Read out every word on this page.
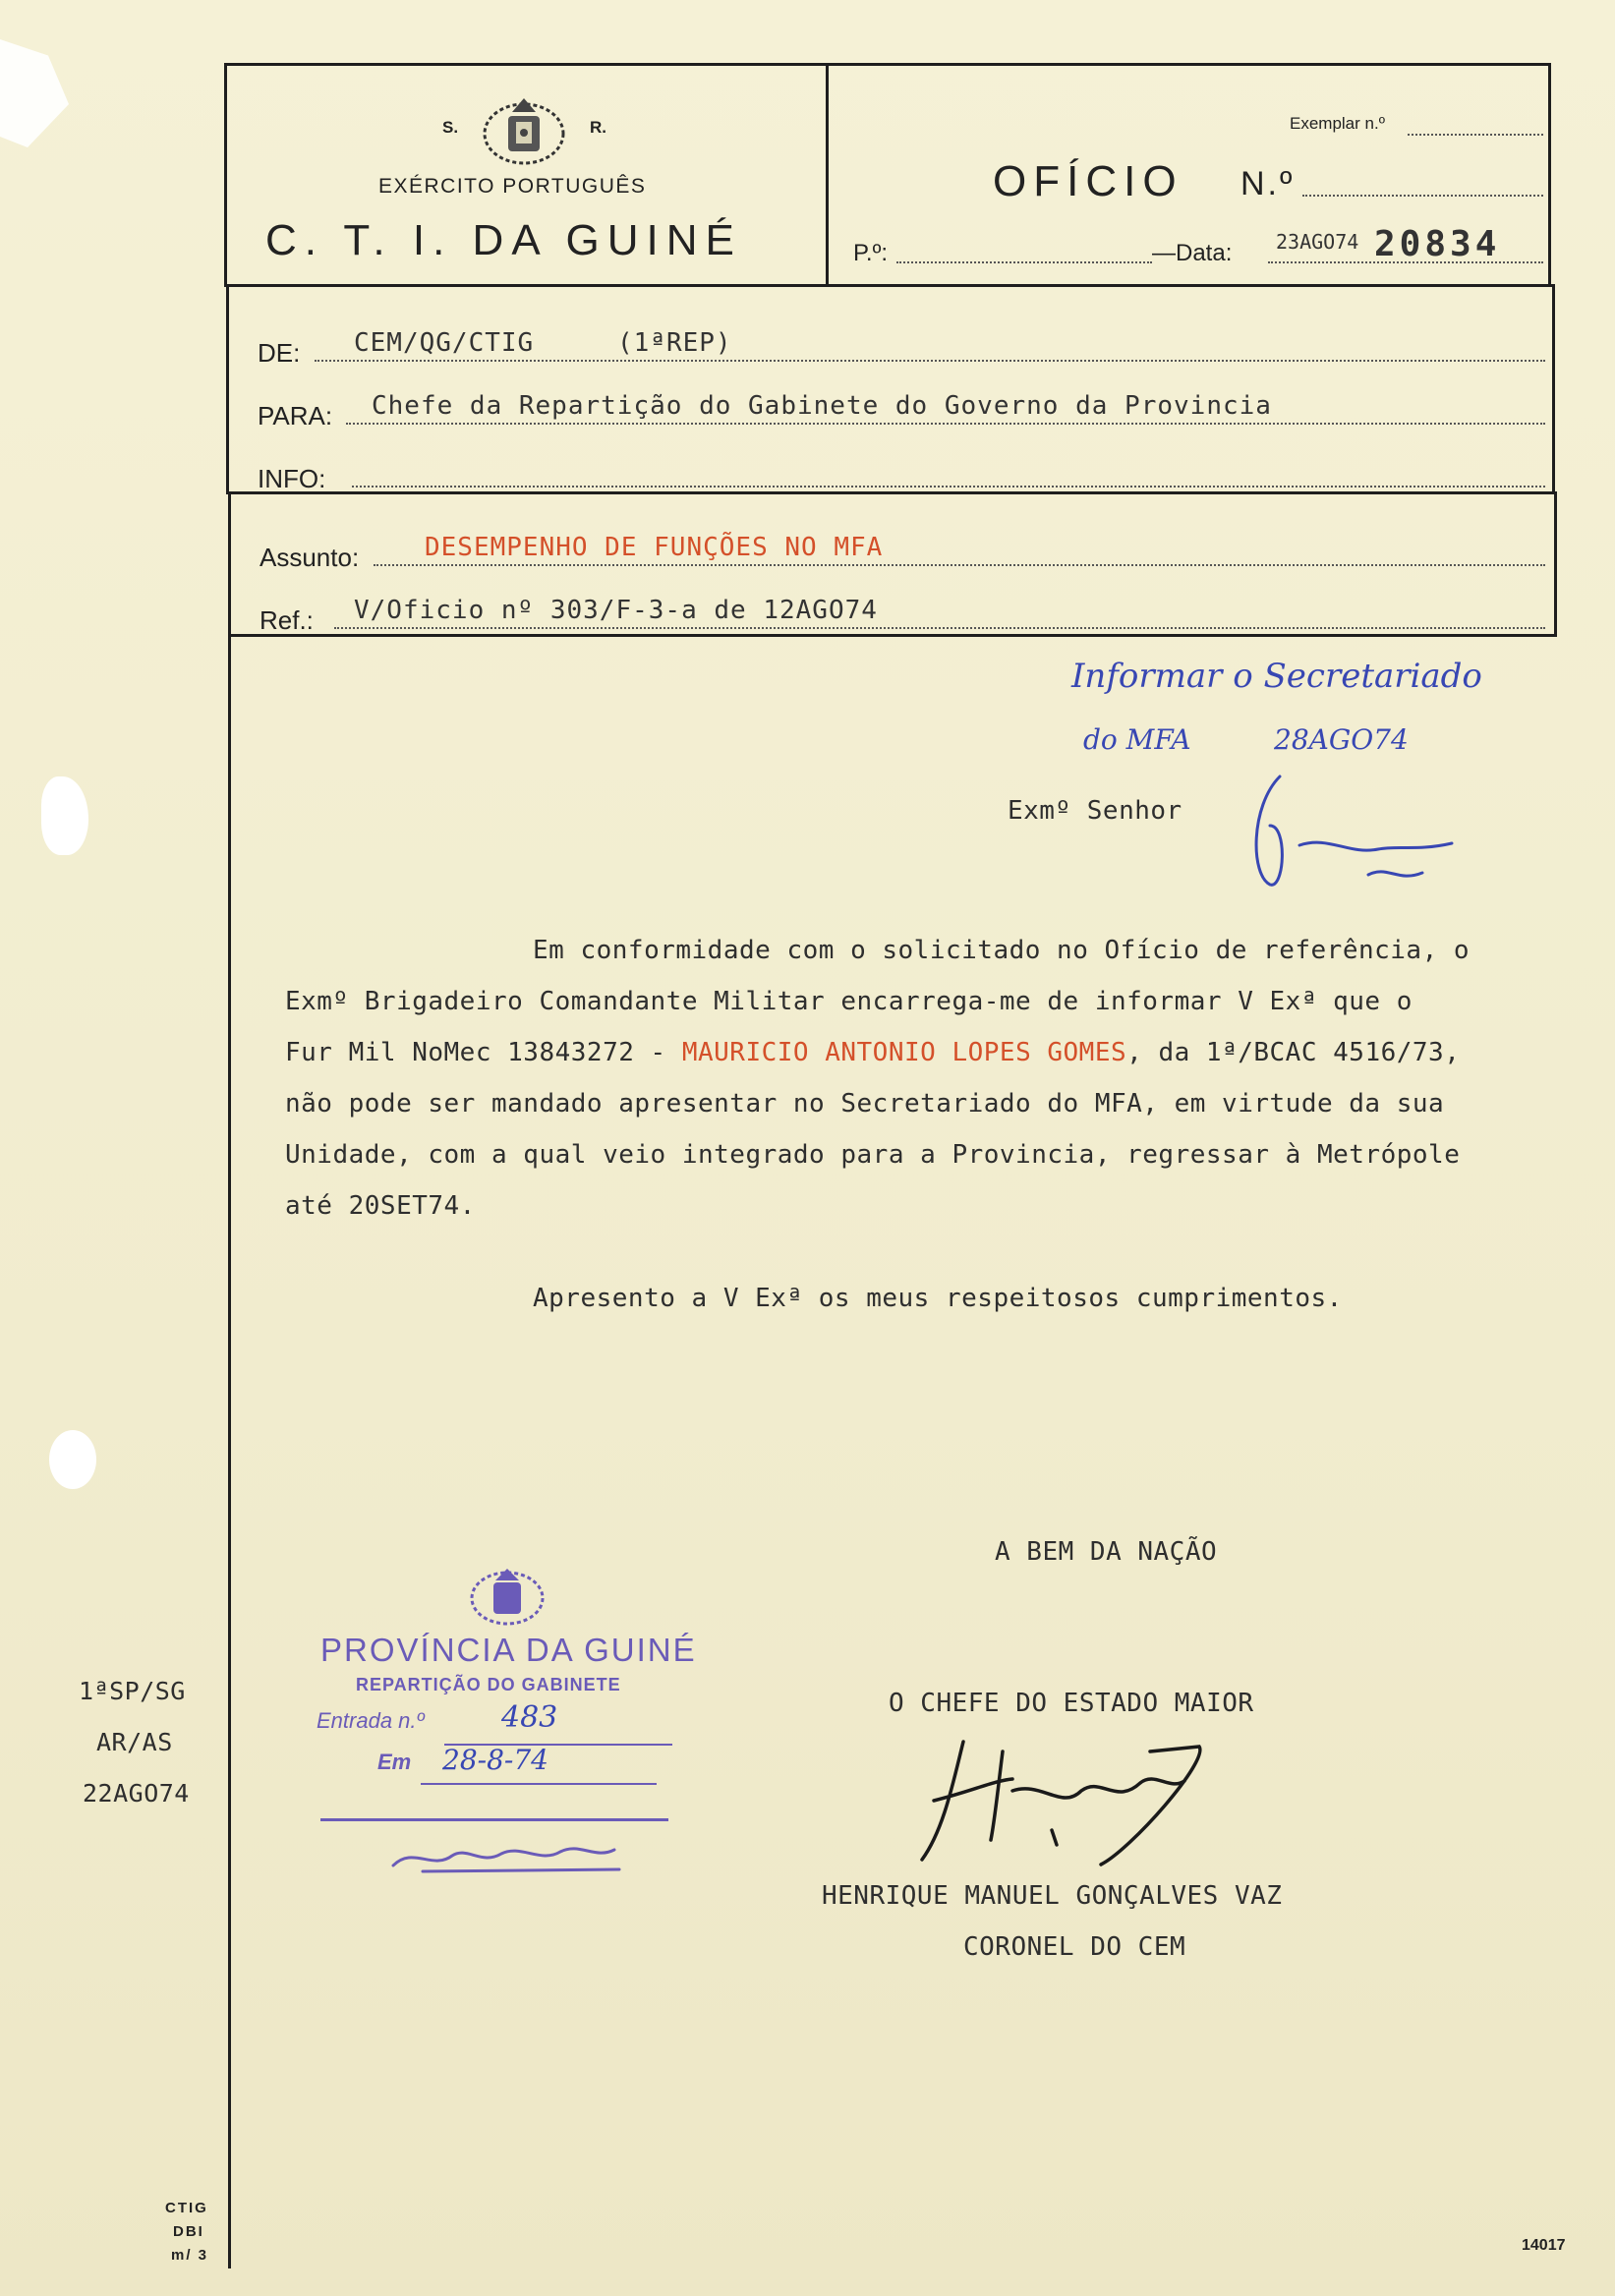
S.	R.
EXÉRCITO PORTUGUÊS
C. T. I. DA GUINÉ
Exemplar n.º
OFÍCIO N.º
P.º:	—Data: 23AGO74 20834
DE: CEM/QG/CTIG	(1ªREP)
PARA: Chefe da Repartição do Gabinete do Governo da Provincia
INFO:
Assunto:	DESEMPENHO DE FUNÇÕES NO MFA
Ref.: V/Oficio nº 303/F-3-a de 12AGO74
Informar o Secretariado
do MFA	28AGO74
Exmº Senhor
Em conformidade com o solicitado no Ofício de referência, o
Exmº Brigadeiro Comandante Militar encarrega-me de informar V Exª que o
Fur Mil NoMec 13843272 - MAURICIO ANTONIO LOPES GOMES, da 1ª/BCAC 4516/73,
não pode ser mandado apresentar no Secretariado do MFA, em virtude da sua
Unidade, com a qual veio integrado para a Provincia, regressar à Metrópole
até 20SET74.
Apresento a V Exª os meus respeitosos cumprimentos.
A BEM DA NAÇÃO
O CHEFE DO ESTADO MAIOR
HENRIQUE MANUEL GONÇALVES VAZ
CORONEL DO CEM
PROVÍNCIA DA GUINÉ
REPARTIÇÃO DO GABINETE
Entrada n.º	483
Em 28-8-74
1ªSP/SG
AR/AS
22AGO74
CTIG
DBI
m/ 3
14017
